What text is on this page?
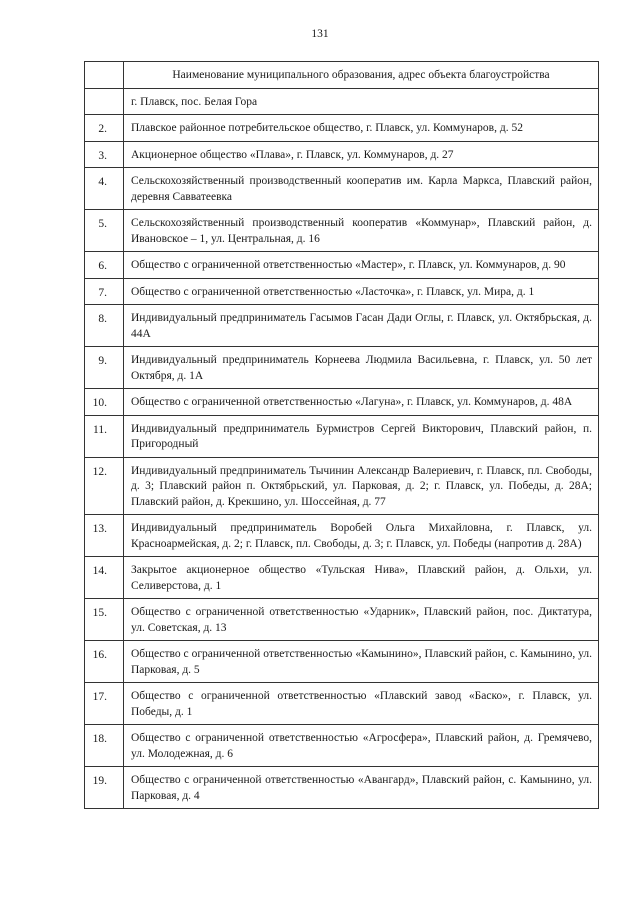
131
	Наименование муниципального образования, адрес объекта благоустройства
	г. Плавск, пос. Белая Гора
2.	Плавское районное потребительское общество, г. Плавск, ул. Коммунаров, д. 52
3.	Акционерное общество «Плава», г. Плавск, ул. Коммунаров, д. 27
4.	Сельскохозяйственный производственный кооператив им. Карла Маркса, Плавский район, деревня Савватеевка
5.	Сельскохозяйственный производственный кооператив «Коммунар», Плавский район, д. Ивановское – 1, ул. Центральная, д. 16
6.	Общество с ограниченной ответственностью «Мастер», г. Плавск, ул. Коммунаров, д. 90
7.	Общество с ограниченной ответственностью «Ласточка», г. Плавск, ул. Мира, д. 1
8.	Индивидуальный предприниматель Гасымов Гасан Дади Оглы, г. Плавск, ул. Октябрьская, д. 44А
9.	Индивидуальный предприниматель Корнеева Людмила Васильевна, г. Плавск, ул. 50 лет Октября, д. 1А
10.	Общество с ограниченной ответственностью «Лагуна», г. Плавск, ул. Коммунаров, д. 48А
11.	Индивидуальный предприниматель Бурмистров Сергей Викторович, Плавский район, п. Пригородный
12.	Индивидуальный предприниматель Тычинин Александр Валериевич, г. Плавск, пл. Свободы, д. 3; Плавский район п. Октябрьский, ул. Парковая, д. 2; г. Плавск, ул. Победы, д. 28А; Плавский район, д. Крекшино, ул. Шоссейная, д. 77
13.	Индивидуальный предприниматель Воробей Ольга Михайловна, г. Плавск, ул. Красноармейская, д. 2; г. Плавск, пл. Свободы, д. 3; г. Плавск, ул. Победы (напротив д. 28А)
14.	Закрытое акционерное общество «Тульская Нива», Плавский район, д. Ольхи, ул. Селиверстова, д. 1
15.	Общество с ограниченной ответственностью «Ударник», Плавский район, пос. Диктатура, ул. Советская, д. 13
16.	Общество с ограниченной ответственностью «Камынино», Плавский район, с. Камынино, ул. Парковая, д. 5
17.	Общество с ограниченной ответственностью «Плавский завод «Баско», г. Плавск, ул. Победы, д. 1
18.	Общество с ограниченной ответственностью «Агросфера», Плавский район, д. Гремячево, ул. Молодежная, д. 6
19.	Общество с ограниченной ответственностью «Авангард», Плавский район, с. Камынино, ул. Парковая, д. 4
